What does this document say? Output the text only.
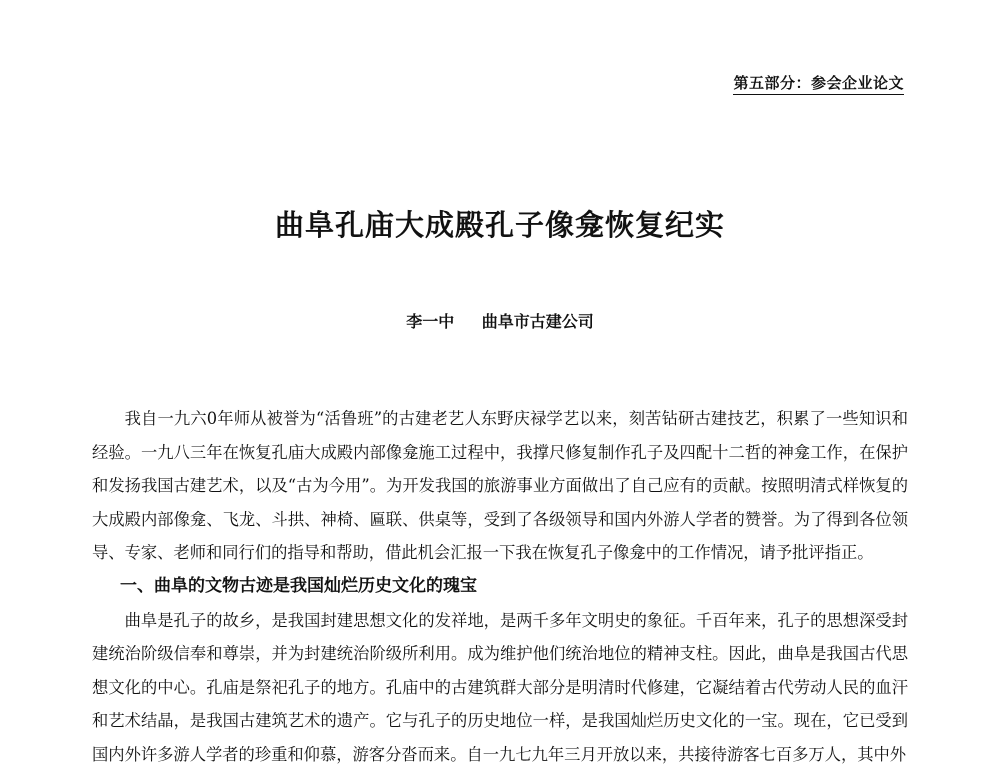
第五部分：参会企业论文
曲阜孔庙大成殿孔子像龛恢复纪实
李一中 曲阜市古建公司

我自一九六0年师从被誉为“活鲁班”的古建老艺人东野庆禄学艺以来，刻苦钻研古建技艺，积累了一些知识和经验。一九八三年在恢复孔庙大成殿内部像龛施工过程中，我撑尺修复制作孔子及四配十二哲的神龛工作，在保护和发扬我国古建艺术，以及“古为今用”。为开发我国的旅游事业方面做出了自己应有的贡献。按照明清式样恢复的大成殿内部像龛、飞龙、斗拱、神椅、匾联、供桌等，受到了各级领导和国内外游人学者的赞誉。为了得到各位领导、专家、老师和同行们的指导和帮助，借此机会汇报一下我在恢复孔子像龛中的工作情况，请予批评指正。

一、曲阜的文物古迹是我国灿烂历史文化的瑰宝

曲阜是孔子的故乡，是我国封建思想文化的发祥地，是两千多年文明史的象征。千百年来，孔子的思想深受封建统治阶级信奉和尊崇，并为封建统治阶级所利用。成为维护他们统治地位的精神支柱。因此，曲阜是我国古代思想文化的中心。孔庙是祭祀孔子的地方。孔庙中的古建筑群大部分是明清时代修建，它凝结着古代劳动人民的血汗和艺术结晶，是我国古建筑艺术的遗产。它与孔子的历史地位一样，是我国灿烂历史文化的一宝。现在，它已受到国内外许多游人学者的珍重和仰慕，游客分沓而来。自一九七九年三月开放以来，共接待游客七百多万人，其中外
